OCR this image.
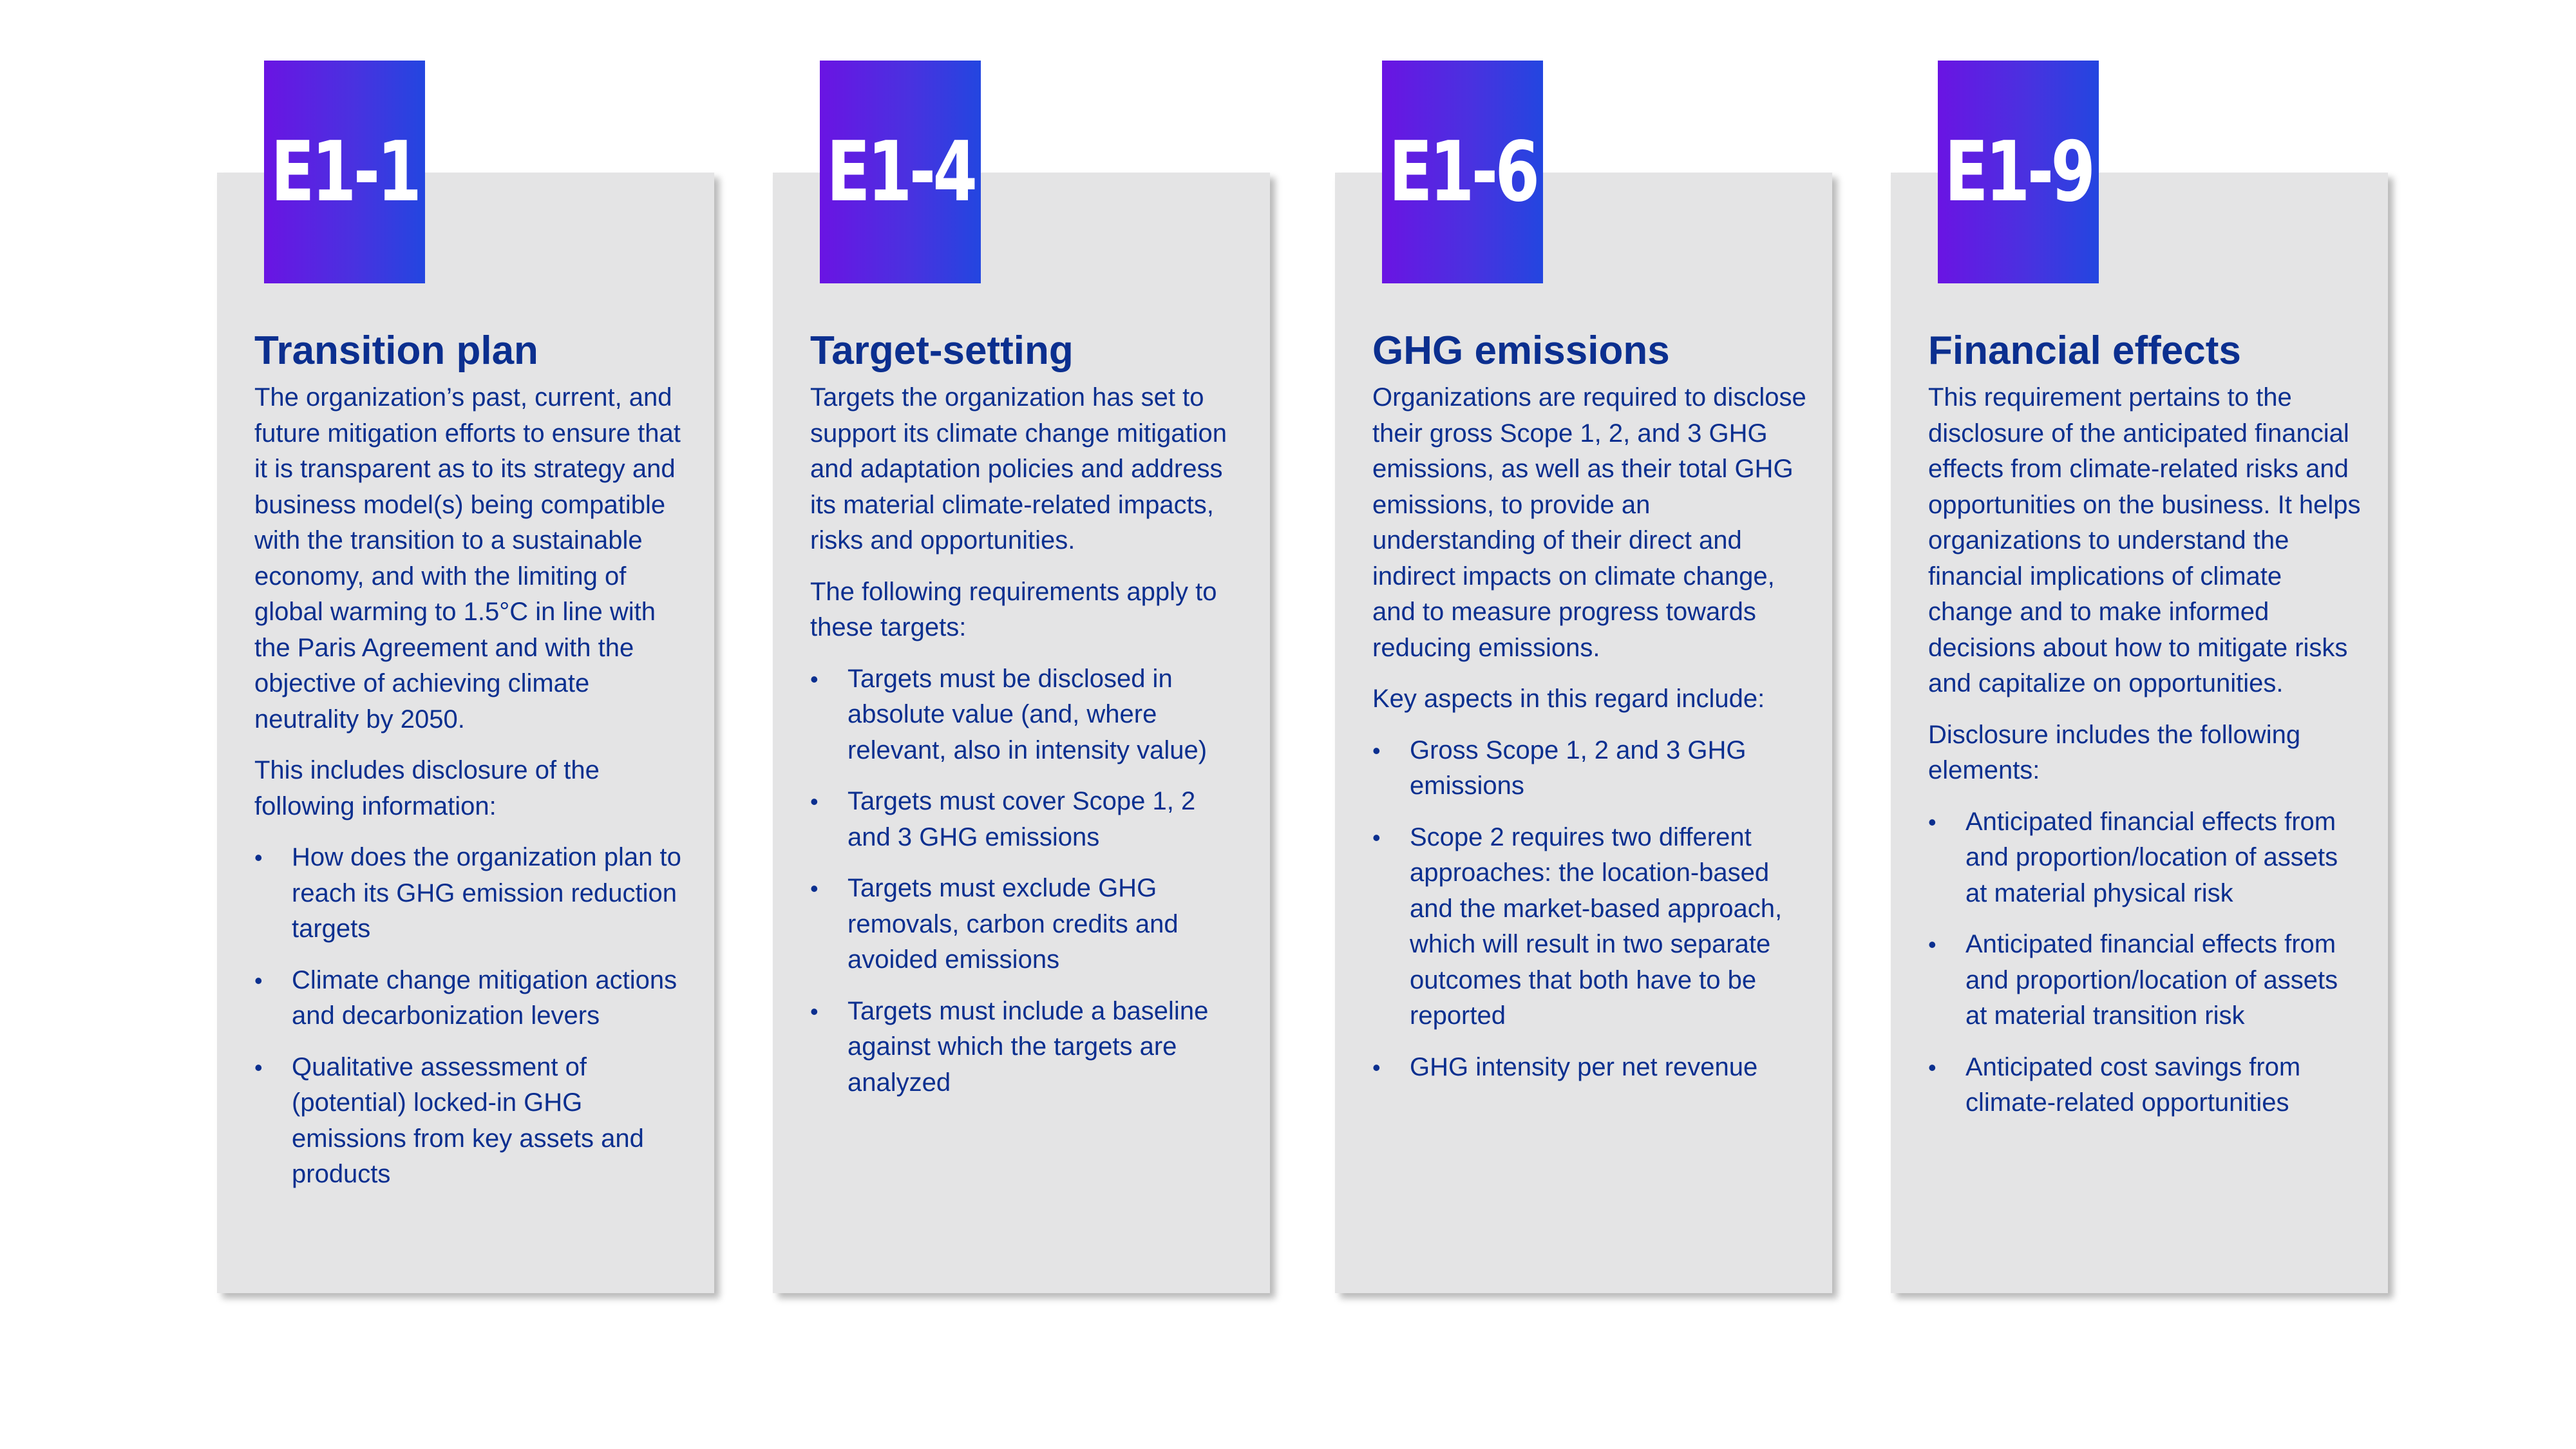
E1-1
Transition plan

The organization’s past, current, and future mitigation efforts to ensure that it is transparent as to its strategy and business model(s) being compatible with the transition to a sustainable economy, and with the limiting of global warming to 1.5°C in line with the Paris Agreement and with the objective of achieving climate neutrality by 2050.

This includes disclosure of the following information:

• How does the organization plan to reach its GHG emission reduction targets
• Climate change mitigation actions and decarbonization levers
• Qualitative assessment of (potential) locked-in GHG emissions from key assets and products
E1-4
Target-setting

Targets the organization has set to support its climate change mitigation and adaptation policies and address its material climate-related impacts, risks and opportunities.

The following requirements apply to these targets:

• Targets must be disclosed in absolute value (and, where relevant, also in intensity value)
• Targets must cover Scope 1, 2 and 3 GHG emissions
• Targets must exclude GHG removals, carbon credits and avoided emissions
• Targets must include a baseline against which the targets are analyzed
E1-6
GHG emissions

Organizations are required to disclose their gross Scope 1, 2, and 3 GHG emissions, as well as their total GHG emissions, to provide an understanding of their direct and indirect impacts on climate change, and to measure progress towards reducing emissions.

Key aspects in this regard include:

• Gross Scope 1, 2 and 3 GHG emissions
• Scope 2 requires two different approaches: the location-based and the market-based approach, which will result in two separate outcomes that both have to be reported
• GHG intensity per net revenue
E1-9
Financial effects

This requirement pertains to the disclosure of the anticipated financial effects from climate-related risks and opportunities on the business. It helps organizations to understand the financial implications of climate change and to make informed decisions about how to mitigate risks and capitalize on opportunities.

Disclosure includes the following elements:

• Anticipated financial effects from and proportion/location of assets at material physical risk
• Anticipated financial effects from and proportion/location of assets at material transition risk
• Anticipated cost savings from climate-related opportunities
